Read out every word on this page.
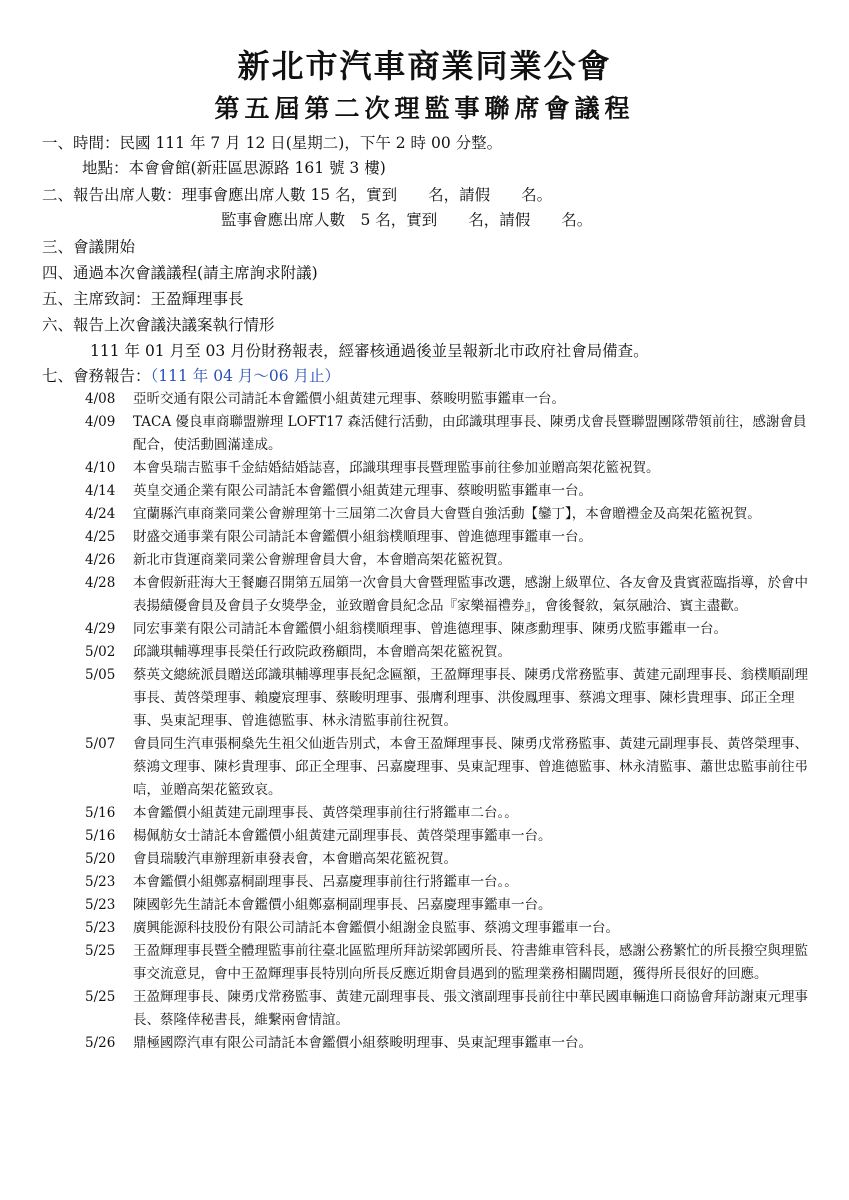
新北市汽車商業同業公會
第五屆第二次理監事聯席會議程
一、時間：民國 111 年 7 月 12 日(星期二)，下午 2 時 00 分整。
地點：本會會館(新莊區思源路 161 號 3 樓)
二、報告出席人數：理事會應出席人數 15 名，實到　　名，請假　　名。
監事會應出席人數　5 名，實到　　名，請假　　名。
三、會議開始
四、通過本次會議議程(請主席詢求附議)
五、主席致詞：王盈輝理事長
六、報告上次會議決議案執行情形
111 年 01 月至 03 月份財務報表，經審核通過後並呈報新北市政府社會局備查。
七、會務報告：（111 年 04 月～06 月止）
4/08	亞昕交通有限公司請託本會鑑價小組黃建元理事、蔡畯明監事鑑車一台。
4/09	TACA 優良車商聯盟辦理 LOFT17 森活健行活動，由邱識琪理事長、陳勇戊會長暨聯盟團隊帶領前往，感謝會員配合，使活動圓滿達成。
4/10	本會吳瑞吉監事千金結婚結婚誌喜，邱識琪理事長暨理監事前往參加並贈高架花籃祝賀。
4/14	英皇交通企業有限公司請託本會鑑價小組黃建元理事、蔡畯明監事鑑車一台。
4/24	宜蘭縣汽車商業同業公會辦理第十三屆第二次會員大會暨自強活動【鑾丁】，本會贈禮金及高架花籃祝賀。
4/25	財盛交通事業有限公司請託本會鑑價小組翁樸順理事、曾進德理事鑑車一台。
4/26	新北市貨運商業同業公會辦理會員大會，本會贈高架花籃祝賀。
4/28	本會假新莊海大王餐廳召開第五屆第一次會員大會暨理監事改選，感謝上級單位、各友會及貴賓蒞臨指導，於會中表揚績優會員及會員子女獎學金，並致贈會員紀念品『家樂福禮券』，會後餐敘，氣氛融洽、賓主盡歡。
4/29	同宏事業有限公司請託本會鑑價小組翁樸順理事、曾進德理事、陳彥勳理事、陳勇戊監事鑑車一台。
5/02	邱識琪輔導理事長榮任行政院政務顧問，本會贈高架花籃祝賀。
5/05	蔡英文總統派員贈送邱識琪輔導理事長紀念匾額，王盈輝理事長、陳勇戊常務監事、黃建元副理事長、翁樸順副理事長、黃啓榮理事、賴慶宸理事、蔡畯明理事、張膺利理事、洪俊鳳理事、蔡鴻文理事、陳杉貴理事、邱正全理事、吳東記理事、曾進德監事、林永清監事前往祝賀。
5/07	會員同生汽車張桐燊先生祖父仙逝告別式，本會王盈輝理事長、陳勇戊常務監事、黃建元副理事長、黃啓榮理事、蔡鴻文理事、陳杉貴理事、邱正全理事、呂嘉慶理事、吳東記理事、曾進德監事、林永清監事、蕭世忠監事前往弔唁，並贈高架花籃致哀。
5/16	本會鑑價小組黃建元副理事長、黃啓榮理事前往行將鑑車二台。。
5/16	楊佩舫女士請託本會鑑價小組黃建元副理事長、黃啓榮理事鑑車一台。
5/20	會員瑞駿汽車辦理新車發表會，本會贈高架花籃祝賀。
5/23	本會鑑價小組鄭嘉桐副理事長、呂嘉慶理事前往行將鑑車一台。。
5/23	陳國彰先生請託本會鑑價小組鄭嘉桐副理事長、呂嘉慶理事鑑車一台。
5/23	廣興能源科技股份有限公司請託本會鑑價小組謝金良監事、蔡鴻文理事鑑車一台。
5/25	王盈輝理事長暨全體理監事前往臺北區監理所拜訪梁郭國所長、符書維車管科長，感謝公務繁忙的所長撥空與理監事交流意見，會中王盈輝理事長特別向所長反應近期會員遇到的監理業務相關問題，獲得所長很好的回應。
5/25	王盈輝理事長、陳勇戊常務監事、黃建元副理事長、張文濱副理事長前往中華民國車輛進口商協會拜訪謝東元理事長、蔡隆倖秘書長，維繫兩會情誼。
5/26	鼎極國際汽車有限公司請託本會鑑價小組蔡畯明理事、吳東記理事鑑車一台。
